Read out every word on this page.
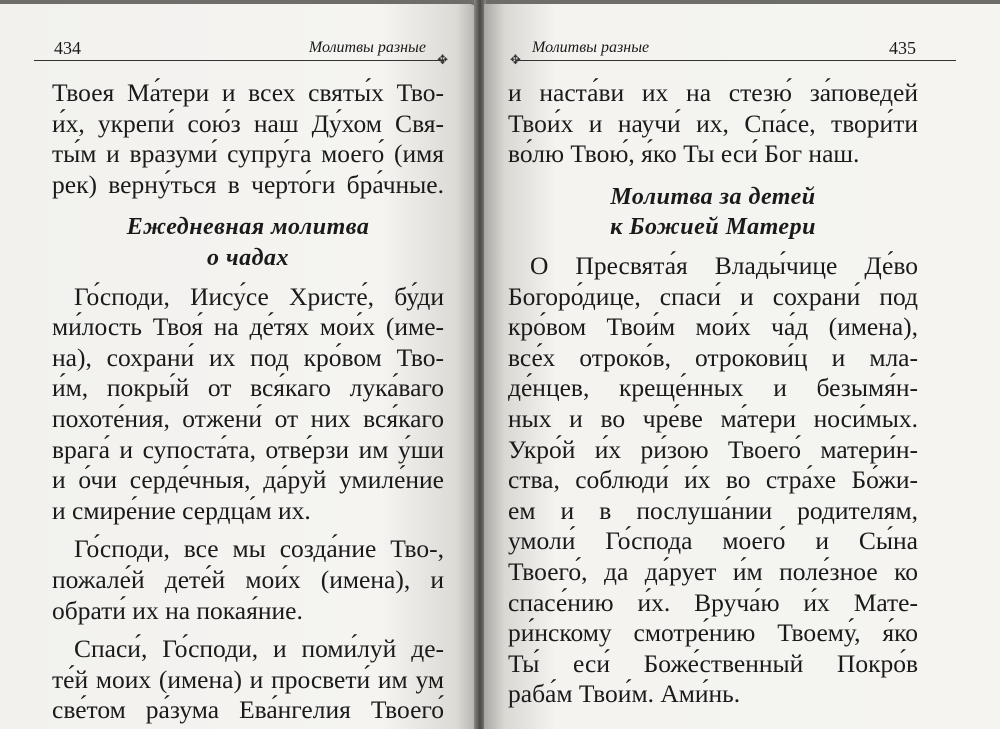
434	Молитвы разные
✥
Твоея Ма́тери и всех святы́х Тво-
и́х, укрепи́ сою́з наш Ду́хом Свя-
ты́м и вразуми́ супру́га моего́ (имя
рек) верну́ться в черто́ги бра́чные.
Ежедневная молитва
о чадах
Го́споди, Иису́се Христе́, бу́ди
ми́лость Твоя́ на де́тях мои́х (име-
на), сохрани́ их под кро́вом Тво-
и́м, покры́й от вся́каго лука́ваго
похоте́ния, отжени́ от них вся́каго
врага́ и супоста́та, отве́рзи им у́ши
и о́чи серде́чныя, да́руй умиле́ние
и смире́ние сердца́м их.
Го́споди, все мы созда́ние Тво-,
пожале́й дете́й мои́х (имена), и
обрати́ их на покая́ние.
Спаси́, Го́споди, и поми́луй де-
те́й моих (имена) и просвети́ им ум
све́том ра́зума Ева́нгелия Твоего́
Молитвы разные	435
✥
и наста́ви их на стезю́ за́поведей
Твои́х и научи́ их, Спа́се, твори́ти
во́лю Твою́, я́ко Ты еси́ Бог наш.
Молитва за детей
к Божией Матери
О Пресвята́я Влады́чице Де́во
Богоро́дице, спаси́ и сохрани́ под
кро́вом Твои́м мои́х ча́д (имена),
все́х отроко́в, отрокови́ц и мла-
де́нцев, креще́нных и безымя́н-
ных и во чре́ве ма́тери носи́мых.
Укро́й и́х ри́зою Твоего́ матери́н-
ства, соблюди́ и́х во стра́хе Бо́жи-
ем и в послуша́нии родителям,
умоли́ Го́спода моего́ и Сы́на
Твоего́, да да́рует и́м поле́зное ко
спасе́нию и́х. Вруча́ю и́х Мате-
ри́нскому смотре́нию Твоему́, я́ко
Ты́ еси́ Боже́ственный Покро́в
раба́м Твои́м. Ами́нь.
